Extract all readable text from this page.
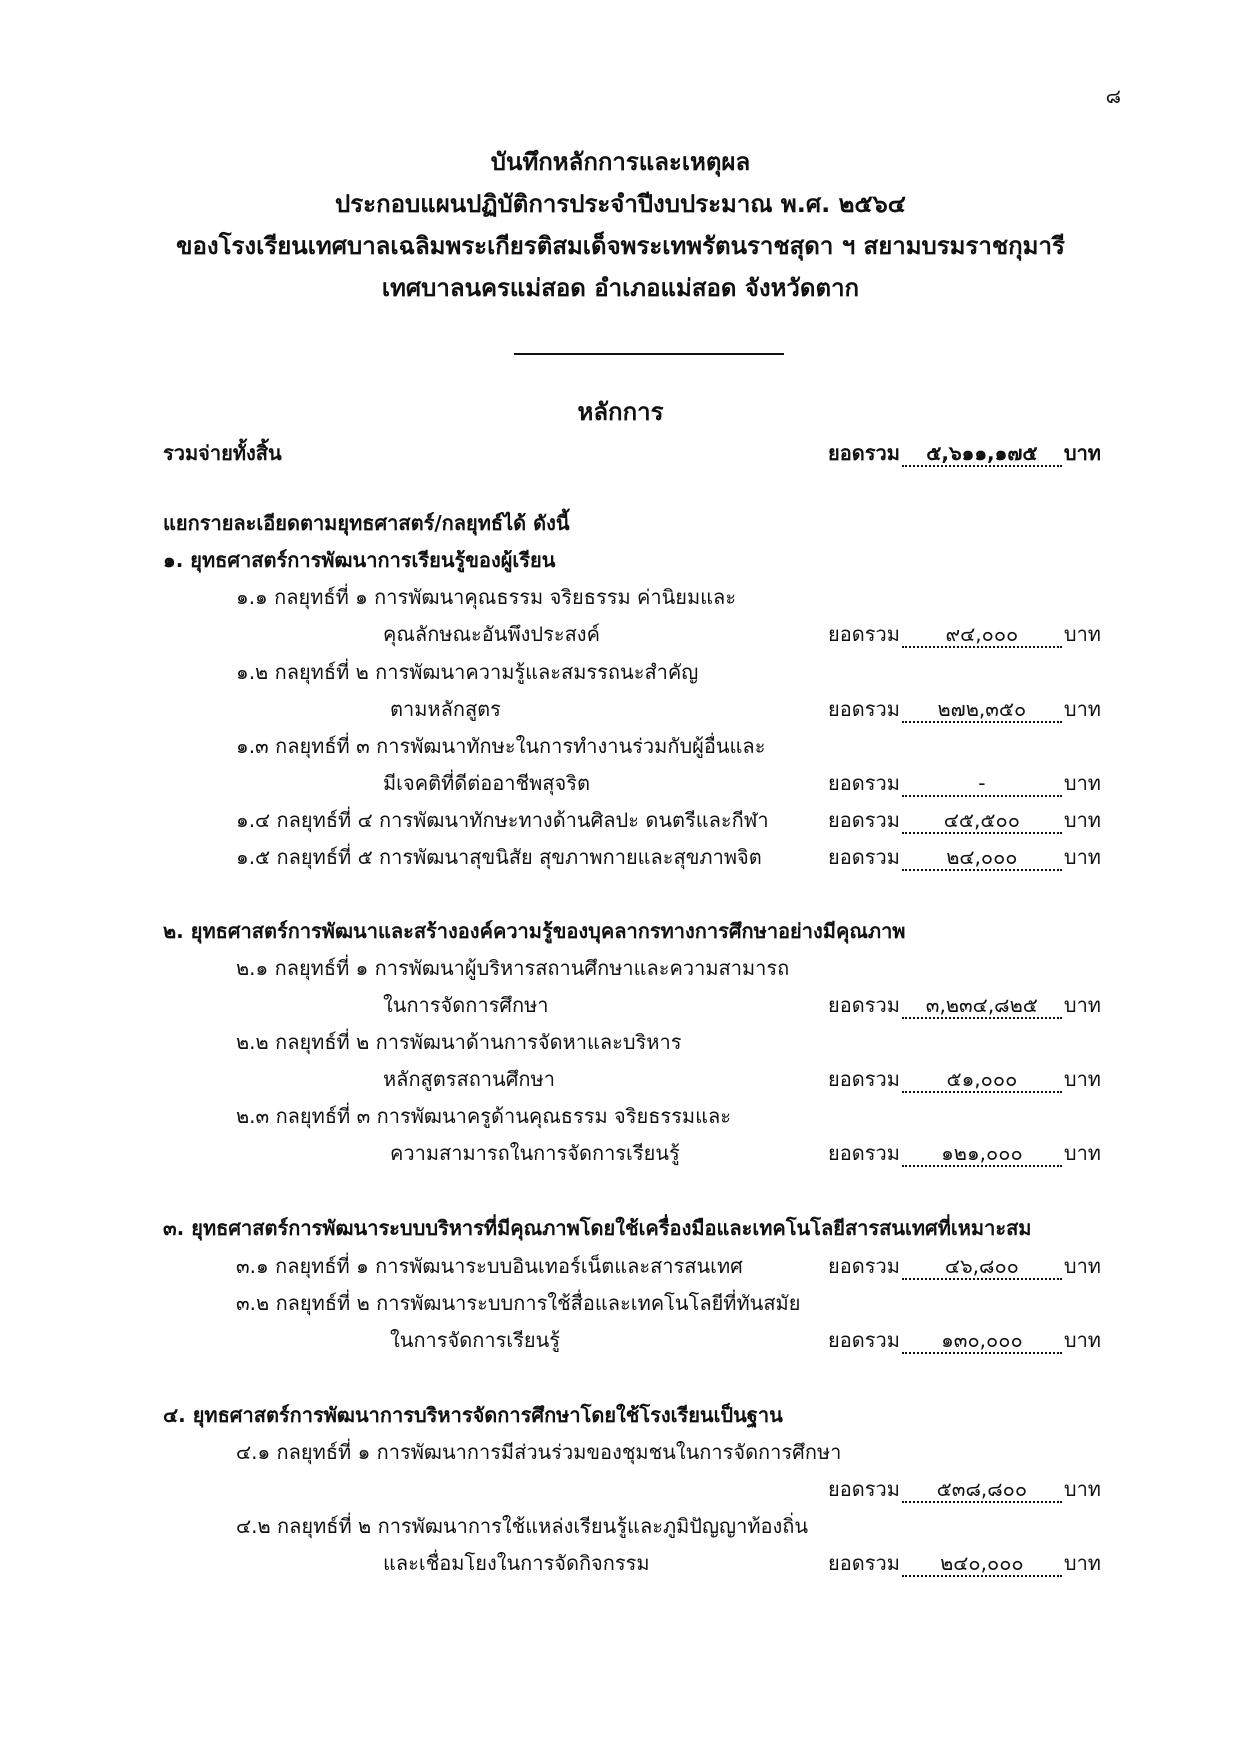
๘
บันทึกหลักการและเหตุผล
ประกอบแผนปฏิบัติการประจำปีงบประมาณ พ.ศ. ๒๕๖๔
ของโรงเรียนเทศบาลเฉลิมพระเกียรติสมเด็จพระเทพรัตนราชสุดา ฯ สยามบรมราชกุมารี
เทศบาลนครแม่สอด อำเภอแม่สอด จังหวัดตาก
หลักการ
รวมจ่ายทั้งสิ้น	ยอดรวม	๕,๖๑๑,๑๗๕	บาท
แยกรายละเอียดตามยุทธศาสตร์/กลยุทธ์ได้ ดังนี้
๑. ยุทธศาสตร์การพัฒนาการเรียนรู้ของผู้เรียน
๑.๑ กลยุทธ์ที่ ๑ การพัฒนาคุณธรรม จริยธรรม ค่านิยมและ
คุณลักษณะอันพึงประสงค์	ยอดรวม	๙๔,๐๐๐	บาท
๑.๒ กลยุทธ์ที่ ๒ การพัฒนาความรู้และสมรรถนะสำคัญ
ตามหลักสูตร	ยอดรวม	๒๗๒,๓๕๐	บาท
๑.๓ กลยุทธ์ที่ ๓ การพัฒนาทักษะในการทำงานร่วมกับผู้อื่นและ
มีเจคติที่ดีต่ออาชีพสุจริต	ยอดรวม	-	บาท
๑.๔ กลยุทธ์ที่ ๔ การพัฒนาทักษะทางด้านศิลปะ ดนตรีและกีฬา	ยอดรวม	๔๕,๕๐๐	บาท
๑.๕ กลยุทธ์ที่ ๕ การพัฒนาสุขนิสัย สุขภาพกายและสุขภาพจิต	ยอดรวม	๒๔,๐๐๐	บาท
๒. ยุทธศาสตร์การพัฒนาและสร้างองค์ความรู้ของบุคลากรทางการศึกษาอย่างมีคุณภาพ
๒.๑ กลยุทธ์ที่ ๑ การพัฒนาผู้บริหารสถานศึกษาและความสามารถ
ในการจัดการศึกษา	ยอดรวม	๓,๒๓๔,๘๒๕	บาท
๒.๒ กลยุทธ์ที่ ๒ การพัฒนาด้านการจัดหาและบริหาร
หลักสูตรสถานศึกษา	ยอดรวม	๕๑,๐๐๐	บาท
๒.๓ กลยุทธ์ที่ ๓ การพัฒนาครูด้านคุณธรรม จริยธรรมและ
ความสามารถในการจัดการเรียนรู้	ยอดรวม	๑๒๑,๐๐๐	บาท
๓. ยุทธศาสตร์การพัฒนาระบบบริหารที่มีคุณภาพโดยใช้เครื่องมือและเทคโนโลยีสารสนเทศที่เหมาะสม
๓.๑ กลยุทธ์ที่ ๑ การพัฒนาระบบอินเทอร์เน็ตและสารสนเทศ	ยอดรวม	๔๖,๘๐๐	บาท
๓.๒ กลยุทธ์ที่ ๒ การพัฒนาระบบการใช้สื่อและเทคโนโลยีที่ทันสมัย
ในการจัดการเรียนรู้	ยอดรวม	๑๓๐,๐๐๐	บาท
๔. ยุทธศาสตร์การพัฒนาการบริหารจัดการศึกษาโดยใช้โรงเรียนเป็นฐาน
๔.๑ กลยุทธ์ที่ ๑ การพัฒนาการมีส่วนร่วมของชุมชนในการจัดการศึกษา
ยอดรวม	๕๓๘,๘๐๐	บาท
๔.๒ กลยุทธ์ที่ ๒ การพัฒนาการใช้แหล่งเรียนรู้และภูมิปัญญาท้องถิ่น
และเชื่อมโยงในการจัดกิจกรรม	ยอดรวม	๒๔๐,๐๐๐	บาท
